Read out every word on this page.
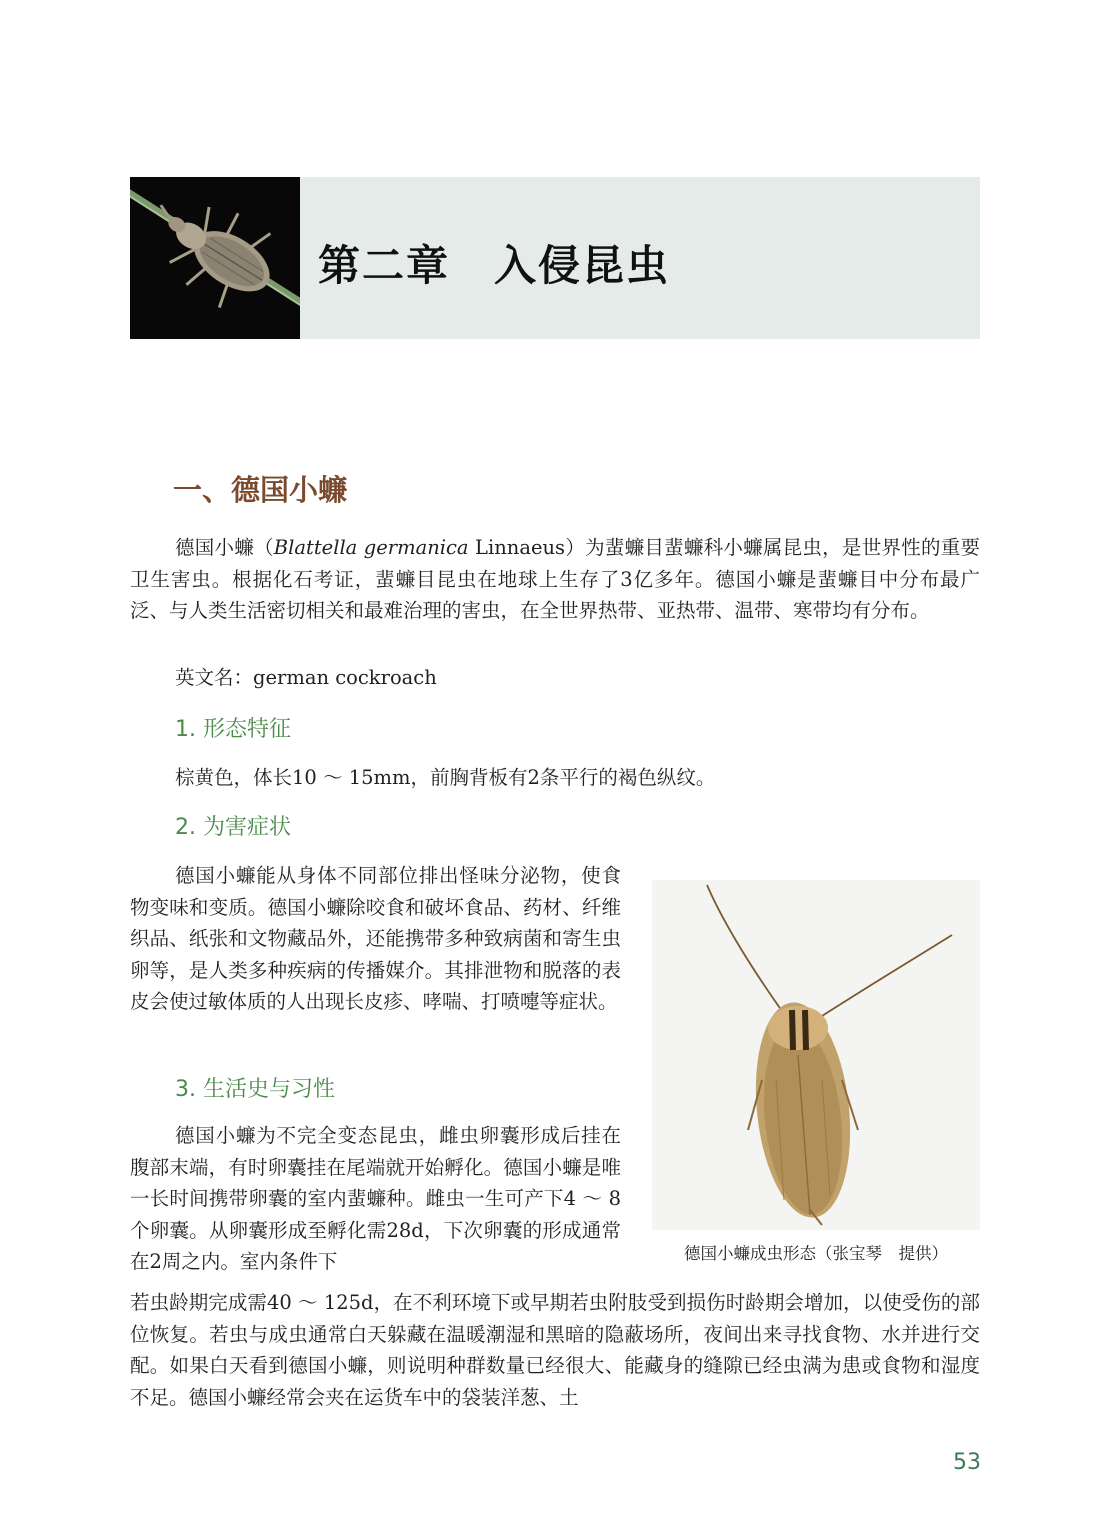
第二章　入侵昆虫
一、德国小蠊

德国小蠊（Blattella germanica Linnaeus）为蜚蠊目蜚蠊科小蠊属昆虫，是世界性的重要卫生害虫。根据化石考证，蜚蠊目昆虫在地球上生存了3亿多年。德国小蠊是蜚蠊目中分布最广泛、与人类生活密切相关和最难治理的害虫，在全世界热带、亚热带、温带、寒带均有分布。

英文名：german cockroach

1. 形态特征

棕黄色，体长10 ～ 15mm，前胸背板有2条平行的褐色纵纹。

2. 为害症状

德国小蠊能从身体不同部位排出怪味分泌物，使食物变味和变质。德国小蠊除咬食和破坏食品、药材、纤维织品、纸张和文物藏品外，还能携带多种致病菌和寄生虫卵等，是人类多种疾病的传播媒介。其排泄物和脱落的表皮会使过敏体质的人出现长皮疹、哮喘、打喷嚏等症状。

德国小蠊成虫形态（张宝琴　提供）
3. 生活史与习性

德国小蠊为不完全变态昆虫，雌虫卵囊形成后挂在腹部末端，有时卵囊挂在尾端就开始孵化。德国小蠊是唯一长时间携带卵囊的室内蜚蠊种。雌虫一生可产下4 ～ 8个卵囊。从卵囊形成至孵化需28d，下次卵囊的形成通常在2周之内。室内条件下

若虫龄期完成需40 ～ 125d，在不利环境下或早期若虫附肢受到损伤时龄期会增加，以使受伤的部位恢复。若虫与成虫通常白天躲藏在温暖潮湿和黑暗的隐蔽场所，夜间出来寻找食物、水并进行交配。如果白天看到德国小蠊，则说明种群数量已经很大、能藏身的缝隙已经虫满为患或食物和湿度不足。德国小蠊经常会夹在运货车中的袋装洋葱、土

53
